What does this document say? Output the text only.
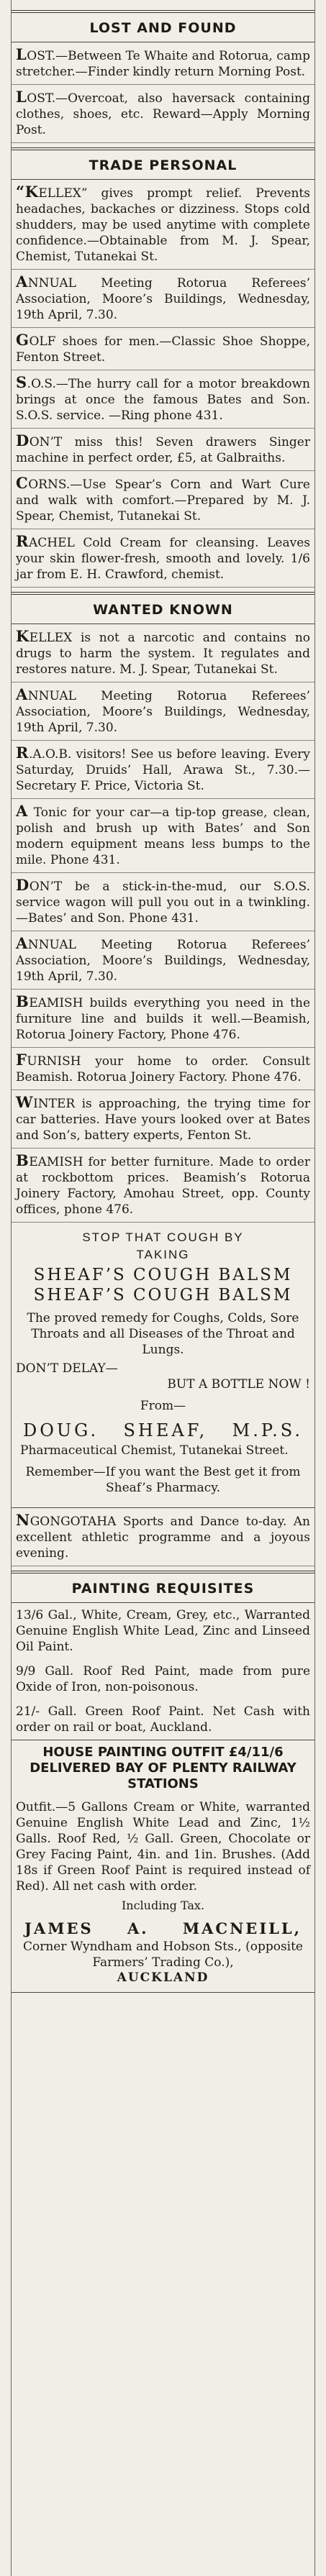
LOST AND FOUND

LOST.—Between Te Whaite and Rotorua, camp stretcher.—Finder kindly return Morning Post.

LOST.—Overcoat, also haversack containing clothes, shoes, etc. Reward—Apply Morning Post.

TRADE PERSONAL

“KELLEX” gives prompt relief. Prevents headaches, backaches or dizziness. Stops cold shudders, may be used anytime with complete confidence.—Obtainable from M. J. Spear, Chemist, Tutanekai St.

ANNUAL Meeting Rotorua Referees’ Association, Moore’s Buildings, Wednesday, 19th April, 7.30.

GOLF shoes for men.—Classic Shoe Shoppe, Fenton Street.

S.O.S.—The hurry call for a motor breakdown brings at once the famous Bates and Son. S.O.S. service. —Ring phone 431.

DON’T miss this! Seven drawers Singer machine in perfect order, £5, at Galbraiths.

CORNS.—Use Spear’s Corn and Wart Cure and walk with comfort.—Prepared by M. J. Spear, Chemist, Tutanekai St.

RACHEL Cold Cream for cleansing. Leaves your skin flower-fresh, smooth and lovely. 1/6 jar from E. H. Crawford, chemist.

WANTED KNOWN

KELLEX is not a narcotic and contains no drugs to harm the system. It regulates and restores nature. M. J. Spear, Tutanekai St.

ANNUAL Meeting Rotorua Referees’ Association, Moore’s Buildings, Wednesday, 19th April, 7.30.

R.A.O.B. visitors! See us before leaving. Every Saturday, Druids’ Hall, Arawa St., 7.30.—Secretary F. Price, Victoria St.

A Tonic for your car—a tip-top grease, clean, polish and brush up with Bates’ and Son modern equipment means less bumps to the mile. Phone 431.

DON’T be a stick-in-the-mud, our S.O.S. service wagon will pull you out in a twinkling.—Bates’ and Son. Phone 431.

ANNUAL Meeting Rotorua Referees’ Association, Moore’s Buildings, Wednesday, 19th April, 7.30.

BEAMISH builds everything you need in the furniture line and builds it well.—Beamish, Rotorua Joinery Factory, Phone 476.

FURNISH your home to order. Consult Beamish. Rotorua Joinery Factory. Phone 476.

WINTER is approaching, the trying time for car batteries. Have yours looked over at Bates and Son’s, battery experts, Fenton St.

BEAMISH for better furniture. Made to order at rockbottom prices. Beamish’s Rotorua Joinery Factory, Amohau Street, opp. County offices, phone 476.

STOP THAT COUGH BY
TAKING
SHEAF’S COUGH BALSM
SHEAF’S COUGH BALSM
The proved remedy for Coughs, Colds, Sore Throats and all Diseases of the Throat and Lungs.
DON’T DELAY—
BUT A BOTTLE NOW !
From—
DOUG. SHEAF, M.P.S.
Pharmaceutical Chemist, Tutanekai Street.
Remember—If you want the Best get it from Sheaf’s Pharmacy.

NGONGOTAHA Sports and Dance to-day. An excellent athletic programme and a joyous evening.

PAINTING REQUISITES

13/6 Gal., White, Cream, Grey, etc., Warranted Genuine English White Lead, Zinc and Linseed Oil Paint.

9/9 Gall. Roof Red Paint, made from pure Oxide of Iron, non-poisonous.

21/- Gall. Green Roof Paint. Net Cash with order on rail or boat, Auckland.

HOUSE PAINTING OUTFIT £4/11/6 DELIVERED BAY OF PLENTY RAILWAY STATIONS

Outfit.—5 Gallons Cream or White, warranted Genuine English White Lead and Zinc, 1½ Galls. Roof Red, ½ Gall. Green, Chocolate or Grey Facing Paint, 4in. and 1in. Brushes. (Add 18s if Green Roof Paint is required instead of Red). All net cash with order.

Including Tax.
JAMES A. MACNEILL,
Corner Wyndham and Hobson Sts., (opposite Farmers’ Trading Co.),
AUCKLAND
